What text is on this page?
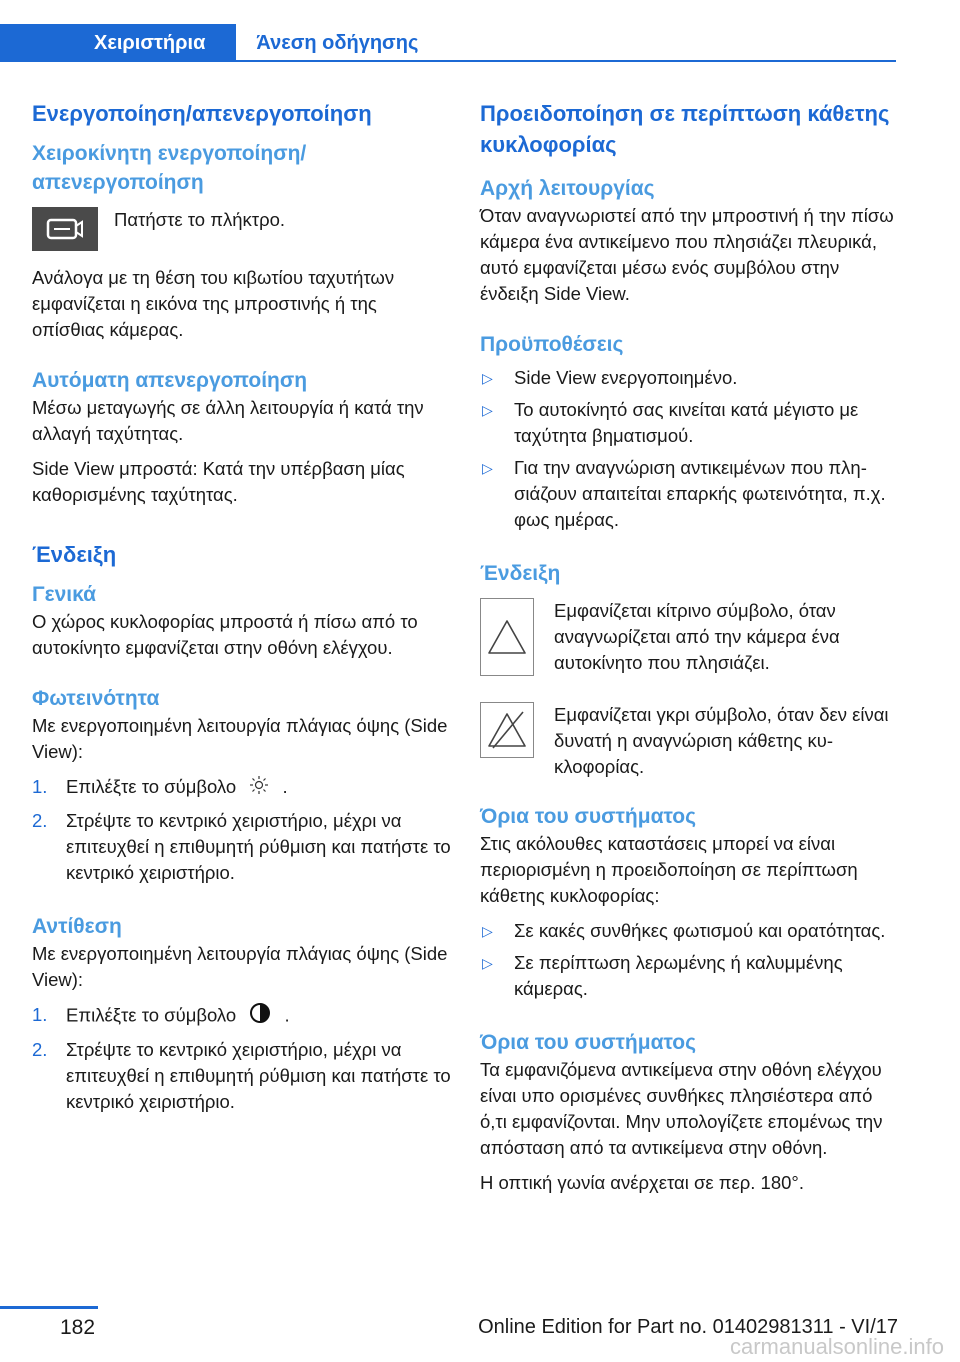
Χειριστήρια	Άνεση οδήγησης
Ενεργοποίηση/απενεργοποίηση
Χειροκίνητη ενεργοποίηση/απενεργοποίηση
Πατήστε το πλήκτρο.

Ανάλογα με τη θέση του κιβωτίου ταχυτήτων εμφανίζεται η εικόνα της μπροστινής ή της οπίσθιας κάμερας.

Αυτόματη απενεργοποίηση

Μέσω μεταγωγής σε άλλη λειτουργία ή κατά την αλλαγή ταχύτητας.

Side View μπροστά: Κατά την υπέρβαση μίας καθορισμένης ταχύτητας.

Ένδειξη
Γενικά

Ο χώρος κυκλοφορίας μπροστά ή πίσω από το αυτοκίνητο εμφανίζεται στην οθόνη ελέγχου.

Φωτεινότητα

Με ενεργοποιημένη λειτουργία πλάγιας όψης (Side View):

1. Επιλέξτε το σύμβολο	.
2. Στρέψτε το κεντρικό χειριστήριο, μέχρι να επιτευχθεί η επιθυμητή ρύθμιση και πατήστε το κεντρικό χειριστήριο.
Αντίθεση

Με ενεργοποιημένη λειτουργία πλάγιας όψης (Side View):

1. Επιλέξτε το σύμβολο	.
2. Στρέψτε το κεντρικό χειριστήριο, μέχρι να επιτευχθεί η επιθυμητή ρύθμιση και πατήστε το κεντρικό χειριστήριο.
Προειδοποίηση σε περίπτωση κάθετης κυκλοφορίας
Αρχή λειτουργίας

Όταν αναγνωριστεί από την μπροστινή ή την πίσω κάμερα ένα αντικείμενο που πλησιάζει πλευρικά, αυτό εμφανίζεται μέσω ενός συμβόλου στην ένδειξη Side View.

Προϋποθέσεις
▷ Side View ενεργοποιημένο.
▷ Το αυτοκίνητό σας κινείται κατά μέγιστο με ταχύτητα βηματισμού.
▷ Για την αναγνώριση αντικειμένων που πλησιάζουν απαιτείται επαρκής φωτεινότητα, π.χ. φως ημέρας.
Ένδειξη
Εμφανίζεται κίτρινο σύμβολο, όταν αναγνωρίζεται από την κάμερα ένα αυτοκίνητο που πλησιάζει.
Εμφανίζεται γκρι σύμβολο, όταν δεν είναι δυνατή η αναγνώριση κάθετης κυκλοφορίας.
Όρια του συστήματος

Στις ακόλουθες καταστάσεις μπορεί να είναι περιορισμένη η προειδοποίηση σε περίπτωση κάθετης κυκλοφορίας:

▷ Σε κακές συνθήκες φωτισμού και ορατότητας.
▷ Σε περίπτωση λερωμένης ή καλυμμένης κάμερας.
Όρια του συστήματος

Τα εμφανιζόμενα αντικείμενα στην οθόνη ελέγχου είναι υπο ορισμένες συνθήκες πλησιέστερα από ό,τι εμφανίζονται. Μην υπολογίζετε επομένως την απόσταση από τα αντικείμενα στην οθόνη.

Η οπτική γωνία ανέρχεται σε περ. 180°.

182	Online Edition for Part no. 01402981311 - VI/17
carmanualsonline.info
